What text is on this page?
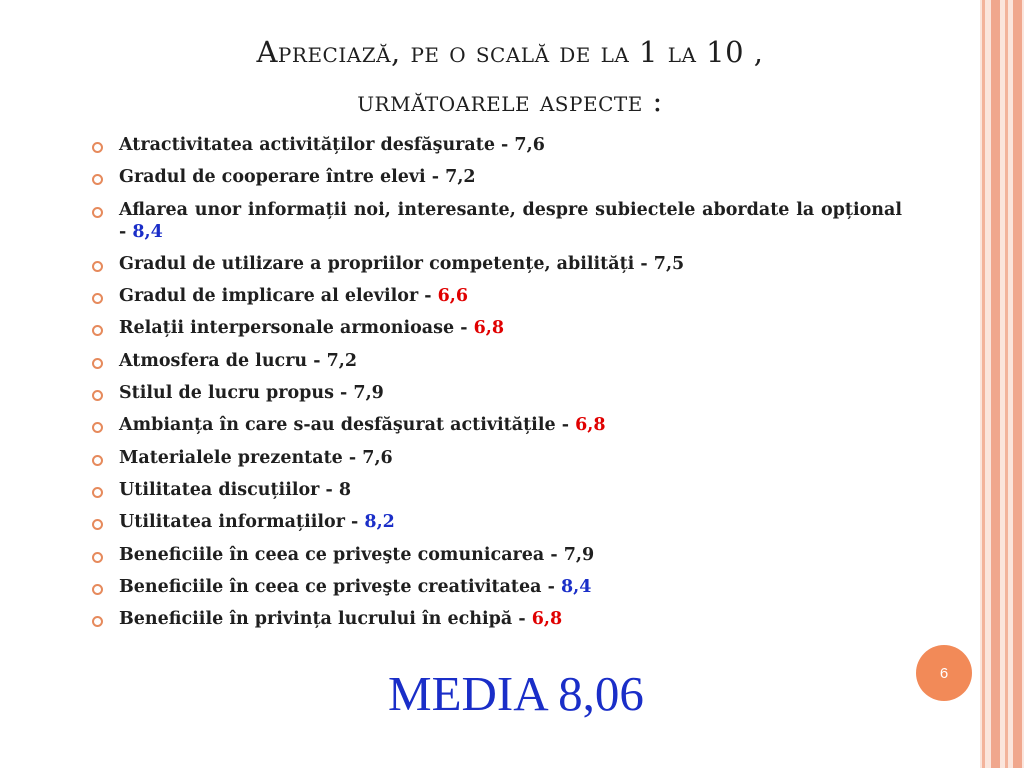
Apreciază, pe o scală de la 1 la 10 ,
următoarele aspecte :
Atractivitatea activităților desfăşurate - 7,6
Gradul de cooperare între elevi - 7,2
Aflarea unor informații noi, interesante, despre subiectele abordate la opțional - 8,4
Gradul de utilizare a propriilor competențe, abilități - 7,5
Gradul de implicare al elevilor - 6,6
Relații interpersonale armonioase - 6,8
Atmosfera de lucru - 7,2
Stilul de lucru propus - 7,9
Ambianța în care s-au desfăşurat activitățile - 6,8
Materialele prezentate - 7,6
Utilitatea discuțiilor - 8
Utilitatea informațiilor - 8,2
Beneficiile în ceea ce priveşte comunicarea - 7,9
Beneficiile în ceea ce priveşte creativitatea - 8,4
Beneficiile în privința lucrului în echipă - 6,8
MEDIA 8,06	6
